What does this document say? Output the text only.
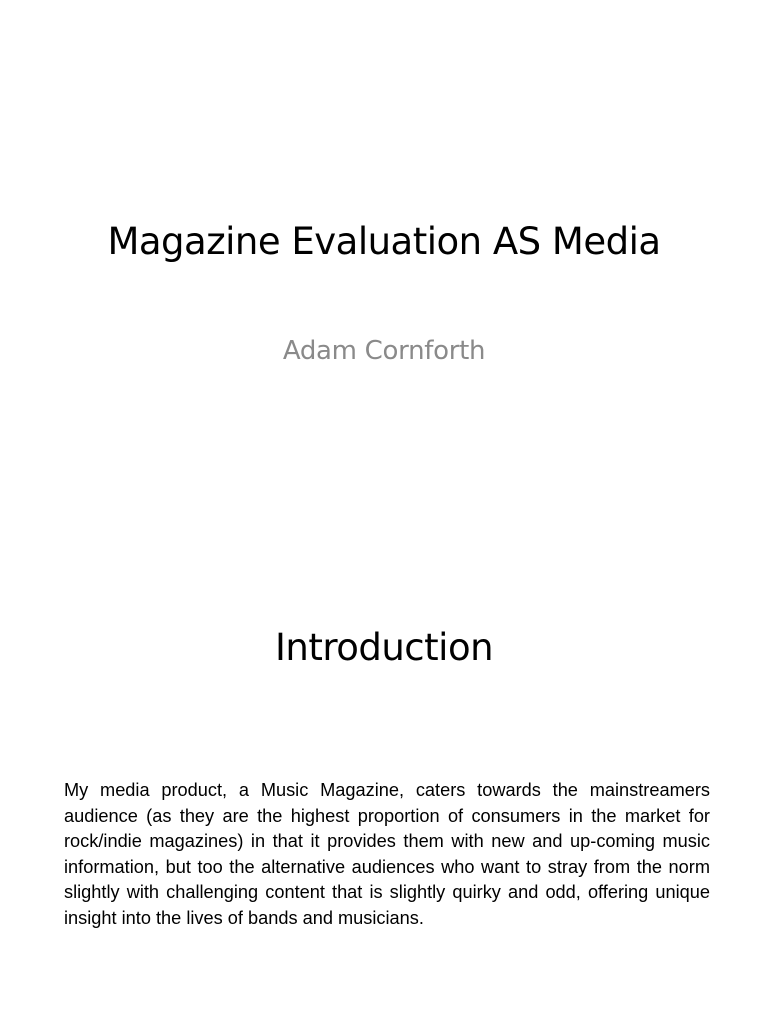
Magazine Evaluation AS Media

Adam Cornforth

Introduction

My media product, a Music Magazine, caters towards the mainstreamers audience (as they are the highest proportion of consumers in the market for rock/indie magazines) in that it provides them with new and up-coming music information, but too the alternative audiences who want to stray from the norm slightly with challenging content that is slightly quirky and odd, offering unique insight into the lives of bands and musicians.
